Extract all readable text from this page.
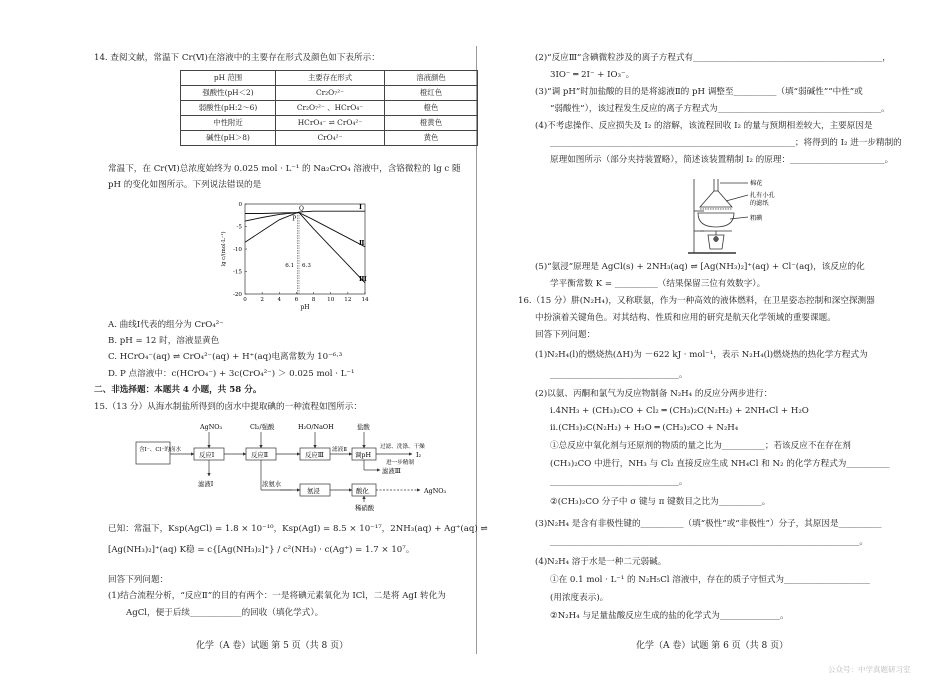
14. 查阅文献，常温下 Cr(Ⅵ)在溶液中的主要存在形式及颜色如下表所示：
pH 范围	主要存在形式	溶液颜色
强酸性(pH＜2)	Cr₂O₇²⁻	橙红色
弱酸性(pH:2～6)	Cr₂O₇²⁻ 、HCrO₄⁻	橙色
中性附近	HCrO₄⁻ ⇌ CrO₄²⁻	橙黄色
碱性(pH＞8)	CrO₄²⁻	黄色
常温下，在 Cr(Ⅵ)总浓度始终为 0.025 mol · L⁻¹ 的 Na₂CrO₄ 溶液中，含铬微粒的 lg c 随
pH 的变化如图所示。下列说法错误的是
2 4 6 8 10 12 14
0
0
-5
-10
-15
-20
pH
lg c/(mol·L⁻¹)
Ⅰ
Ⅱ
Ⅲ
P
Q
6.1 6.3
A. 曲线Ⅰ代表的组分为 CrO₄²⁻
B. pH = 12 时，溶液显黄色
C. HCrO₄⁻(aq) ⇌ CrO₄²⁻(aq) + H⁺(aq)电离常数为 10⁻⁶·³
D. P 点溶液中：c(HCrO₄⁻) + 3c(CrO₄²⁻) ＞ 0.025 mol · L⁻¹
二、非选择题：本题共 4 小题，共 58 分。
15.（13 分）从海水制盐所得到的卤水中提取碘的一种流程如图所示：
含I⁻、Cl⁻的卤水
AgNO₃	Cl₂/强酸	H₂O/NaOH	盐酸
反应Ⅰ	反应Ⅱ	反应Ⅲ
滤液Ⅱ
调pH
过滤、洗涤、干燥
进一步精制
I₂
滤液Ⅲ
滤液Ⅰ	浓氨水
氨浸	酸化	AgNO₃
稀硝酸
已知：常温下，Ksp(AgCl) = 1.8 × 10⁻¹⁰，Ksp(AgI) = 8.5 × 10⁻¹⁷，2NH₃(aq) + Ag⁺(aq) ⇌
[Ag(NH₃)₂]⁺(aq) K稳 = c{[Ag(NH₃)₂]⁺} / c²(NH₃) · c(Ag⁺) = 1.7 × 10⁷。
回答下列问题：
(1)结合流程分析，“反应Ⅱ”的目的有两个：一是将碘元素氧化为 ICl，二是将 AgI 转化为
AgCl，便于后续____________的回收（填化学式）。
化学（A 卷）试题 第 5 页（共 8 页）
(2)“反应Ⅲ”含碘微粒涉及的离子方程式有____________________________________________，
3IO⁻ ═ 2I⁻ + IO₃⁻。
(3)“调 pH”时加盐酸的目的是将滤液Ⅱ的 pH 调整至__________（填“弱碱性”“中性”或
“弱酸性”），该过程发生反应的离子方程式为______________________________________。
(4)不考虑操作、反应损失及 I₂ 的溶解，该流程回收 I₂ 的量与预期相差较大，主要原因是
_________________________________________________________；将得到的 I₂ 进一步精制的
原理如图所示（部分夹持装置略），简述该装置精制 I₂ 的原理：______________________。
棉花
扎有小孔
的滤纸
粗碘
(5)“氨浸”原理是 AgCl(s) + 2NH₃(aq) ⇌ [Ag(NH₃)₂]⁺(aq) + Cl⁻(aq)，该反应的化
学平衡常数 K = __________（结果保留三位有效数字）。
16.（15 分）肼(N₂H₄)，又称联氨，作为一种高效的液体燃料，在卫星姿态控制和深空探测器
中扮演着关键角色。对其结构、性质和应用的研究是航天化学领域的重要课题。
回答下列问题：
(1)N₂H₄(l)的燃烧热(ΔH)为 －622 kJ · mol⁻¹，表示 N₂H₄(l)燃烧热的热化学方程式为
______________________________。
(2)以氨、丙酮和氯气为反应物制备 N₂H₄ 的反应分两步进行：
ⅰ.4NH₃ + (CH₃)₂CO + Cl₂ ═ (CH₃)₂C(N₂H₂) + 2NH₄Cl + H₂O
ⅱ.(CH₃)₂C(N₂H₂) + H₂O ═ (CH₃)₂CO + N₂H₄
①总反应中氧化剂与还原剂的物质的量之比为__________；若该反应不在存在剂
(CH₃)₂CO 中进行，NH₃ 与 Cl₂ 直接反应生成 NH₄Cl 和 N₂ 的化学方程式为__________
______________________________。
②(CH₃)₂CO 分子中 σ 键与 π 键数目之比为__________。
(3)N₂H₄ 是含有非极性键的__________（填“极性”或“非极性”）分子，其原因是__________
________________________________________________________________________。
(4)N₂H₄ 溶于水是一种二元弱碱。
①在 0.1 mol · L⁻¹ 的 N₂H₅Cl 溶液中，存在的质子守恒式为____________________
(用浓度表示)。
②N₂H₄ 与足量盐酸反应生成的盐的化学式为______________。
化学（A 卷）试题 第 6 页（共 8 页）
公众号：中学真题研习室
